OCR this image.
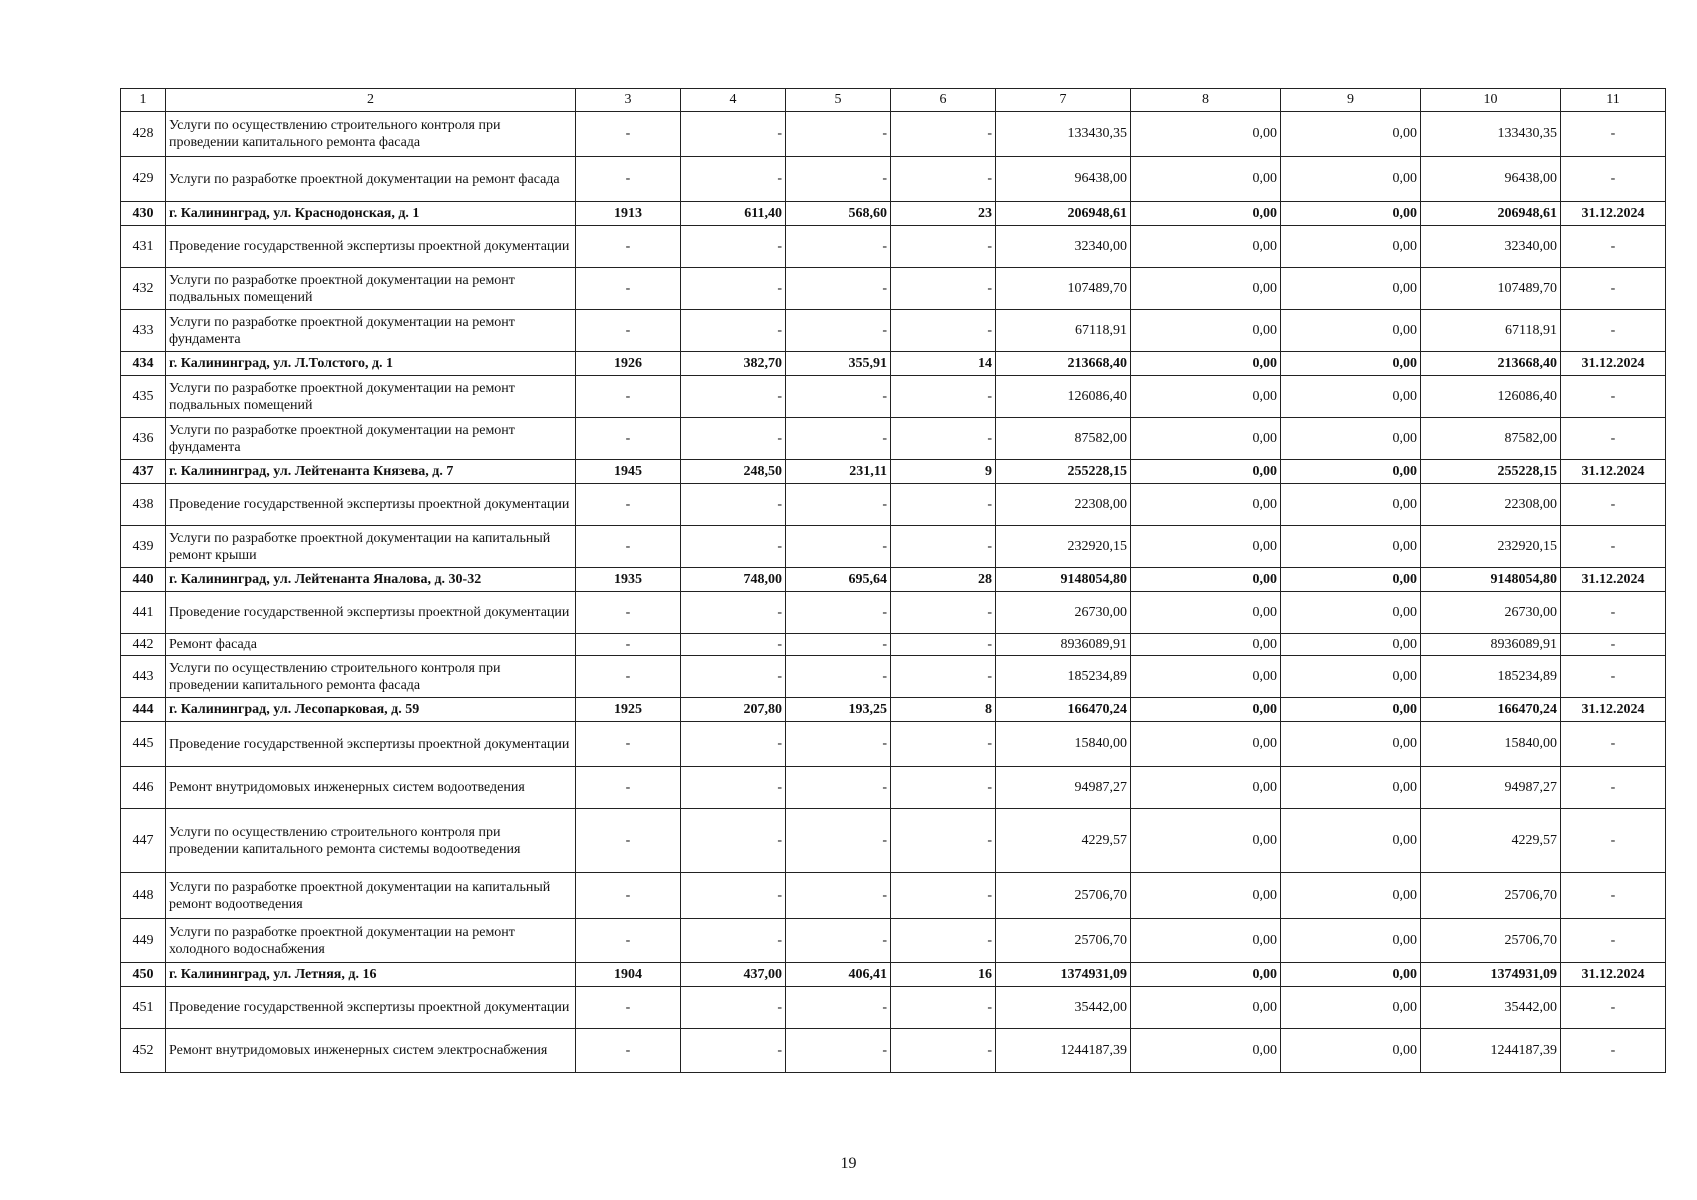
1	2	3	4	5	6	7	8	9	10	11
428	Услуги по осуществлению строительного контроля при проведении капитального ремонта фасада	-	-	-	-	133430,35	0,00	0,00	133430,35	-
429	Услуги по разработке проектной документации на ремонт фасада	-	-	-	-	96438,00	0,00	0,00	96438,00	-
430	г. Калининград, ул. Краснодонская, д. 1	1913	611,40	568,60	23	206948,61	0,00	0,00	206948,61	31.12.2024
431	Проведение государственной экспертизы проектной документации	-	-	-	-	32340,00	0,00	0,00	32340,00	-
432	Услуги по разработке проектной документации на ремонт подвальных помещений	-	-	-	-	107489,70	0,00	0,00	107489,70	-
433	Услуги по разработке проектной документации на ремонт фундамента	-	-	-	-	67118,91	0,00	0,00	67118,91	-
434	г. Калининград, ул. Л.Толстого, д. 1	1926	382,70	355,91	14	213668,40	0,00	0,00	213668,40	31.12.2024
435	Услуги по разработке проектной документации на ремонт подвальных помещений	-	-	-	-	126086,40	0,00	0,00	126086,40	-
436	Услуги по разработке проектной документации на ремонт фундамента	-	-	-	-	87582,00	0,00	0,00	87582,00	-
437	г. Калининград, ул. Лейтенанта Князева, д. 7	1945	248,50	231,11	9	255228,15	0,00	0,00	255228,15	31.12.2024
438	Проведение государственной экспертизы проектной документации	-	-	-	-	22308,00	0,00	0,00	22308,00	-
439	Услуги по разработке проектной документации на капитальный ремонт крыши	-	-	-	-	232920,15	0,00	0,00	232920,15	-
440	г. Калининград, ул. Лейтенанта Яналова, д. 30-32	1935	748,00	695,64	28	9148054,80	0,00	0,00	9148054,80	31.12.2024
441	Проведение государственной экспертизы проектной документации	-	-	-	-	26730,00	0,00	0,00	26730,00	-
442	Ремонт фасада	-	-	-	-	8936089,91	0,00	0,00	8936089,91	-
443	Услуги по осуществлению строительного контроля при проведении капитального ремонта фасада	-	-	-	-	185234,89	0,00	0,00	185234,89	-
444	г. Калининград, ул. Лесопарковая, д. 59	1925	207,80	193,25	8	166470,24	0,00	0,00	166470,24	31.12.2024
445	Проведение государственной экспертизы проектной документации	-	-	-	-	15840,00	0,00	0,00	15840,00	-
446	Ремонт внутридомовых инженерных систем водоотведения	-	-	-	-	94987,27	0,00	0,00	94987,27	-
447	Услуги по осуществлению строительного контроля при проведении капитального ремонта системы водоотведения	-	-	-	-	4229,57	0,00	0,00	4229,57	-
448	Услуги по разработке проектной документации на капитальный ремонт водоотведения	-	-	-	-	25706,70	0,00	0,00	25706,70	-
449	Услуги по разработке проектной документации на ремонт холодного водоснабжения	-	-	-	-	25706,70	0,00	0,00	25706,70	-
450	г. Калининград, ул. Летняя, д. 16	1904	437,00	406,41	16	1374931,09	0,00	0,00	1374931,09	31.12.2024
451	Проведение государственной экспертизы проектной документации	-	-	-	-	35442,00	0,00	0,00	35442,00	-
452	Ремонт внутридомовых инженерных систем электроснабжения	-	-	-	-	1244187,39	0,00	0,00	1244187,39	-
19
